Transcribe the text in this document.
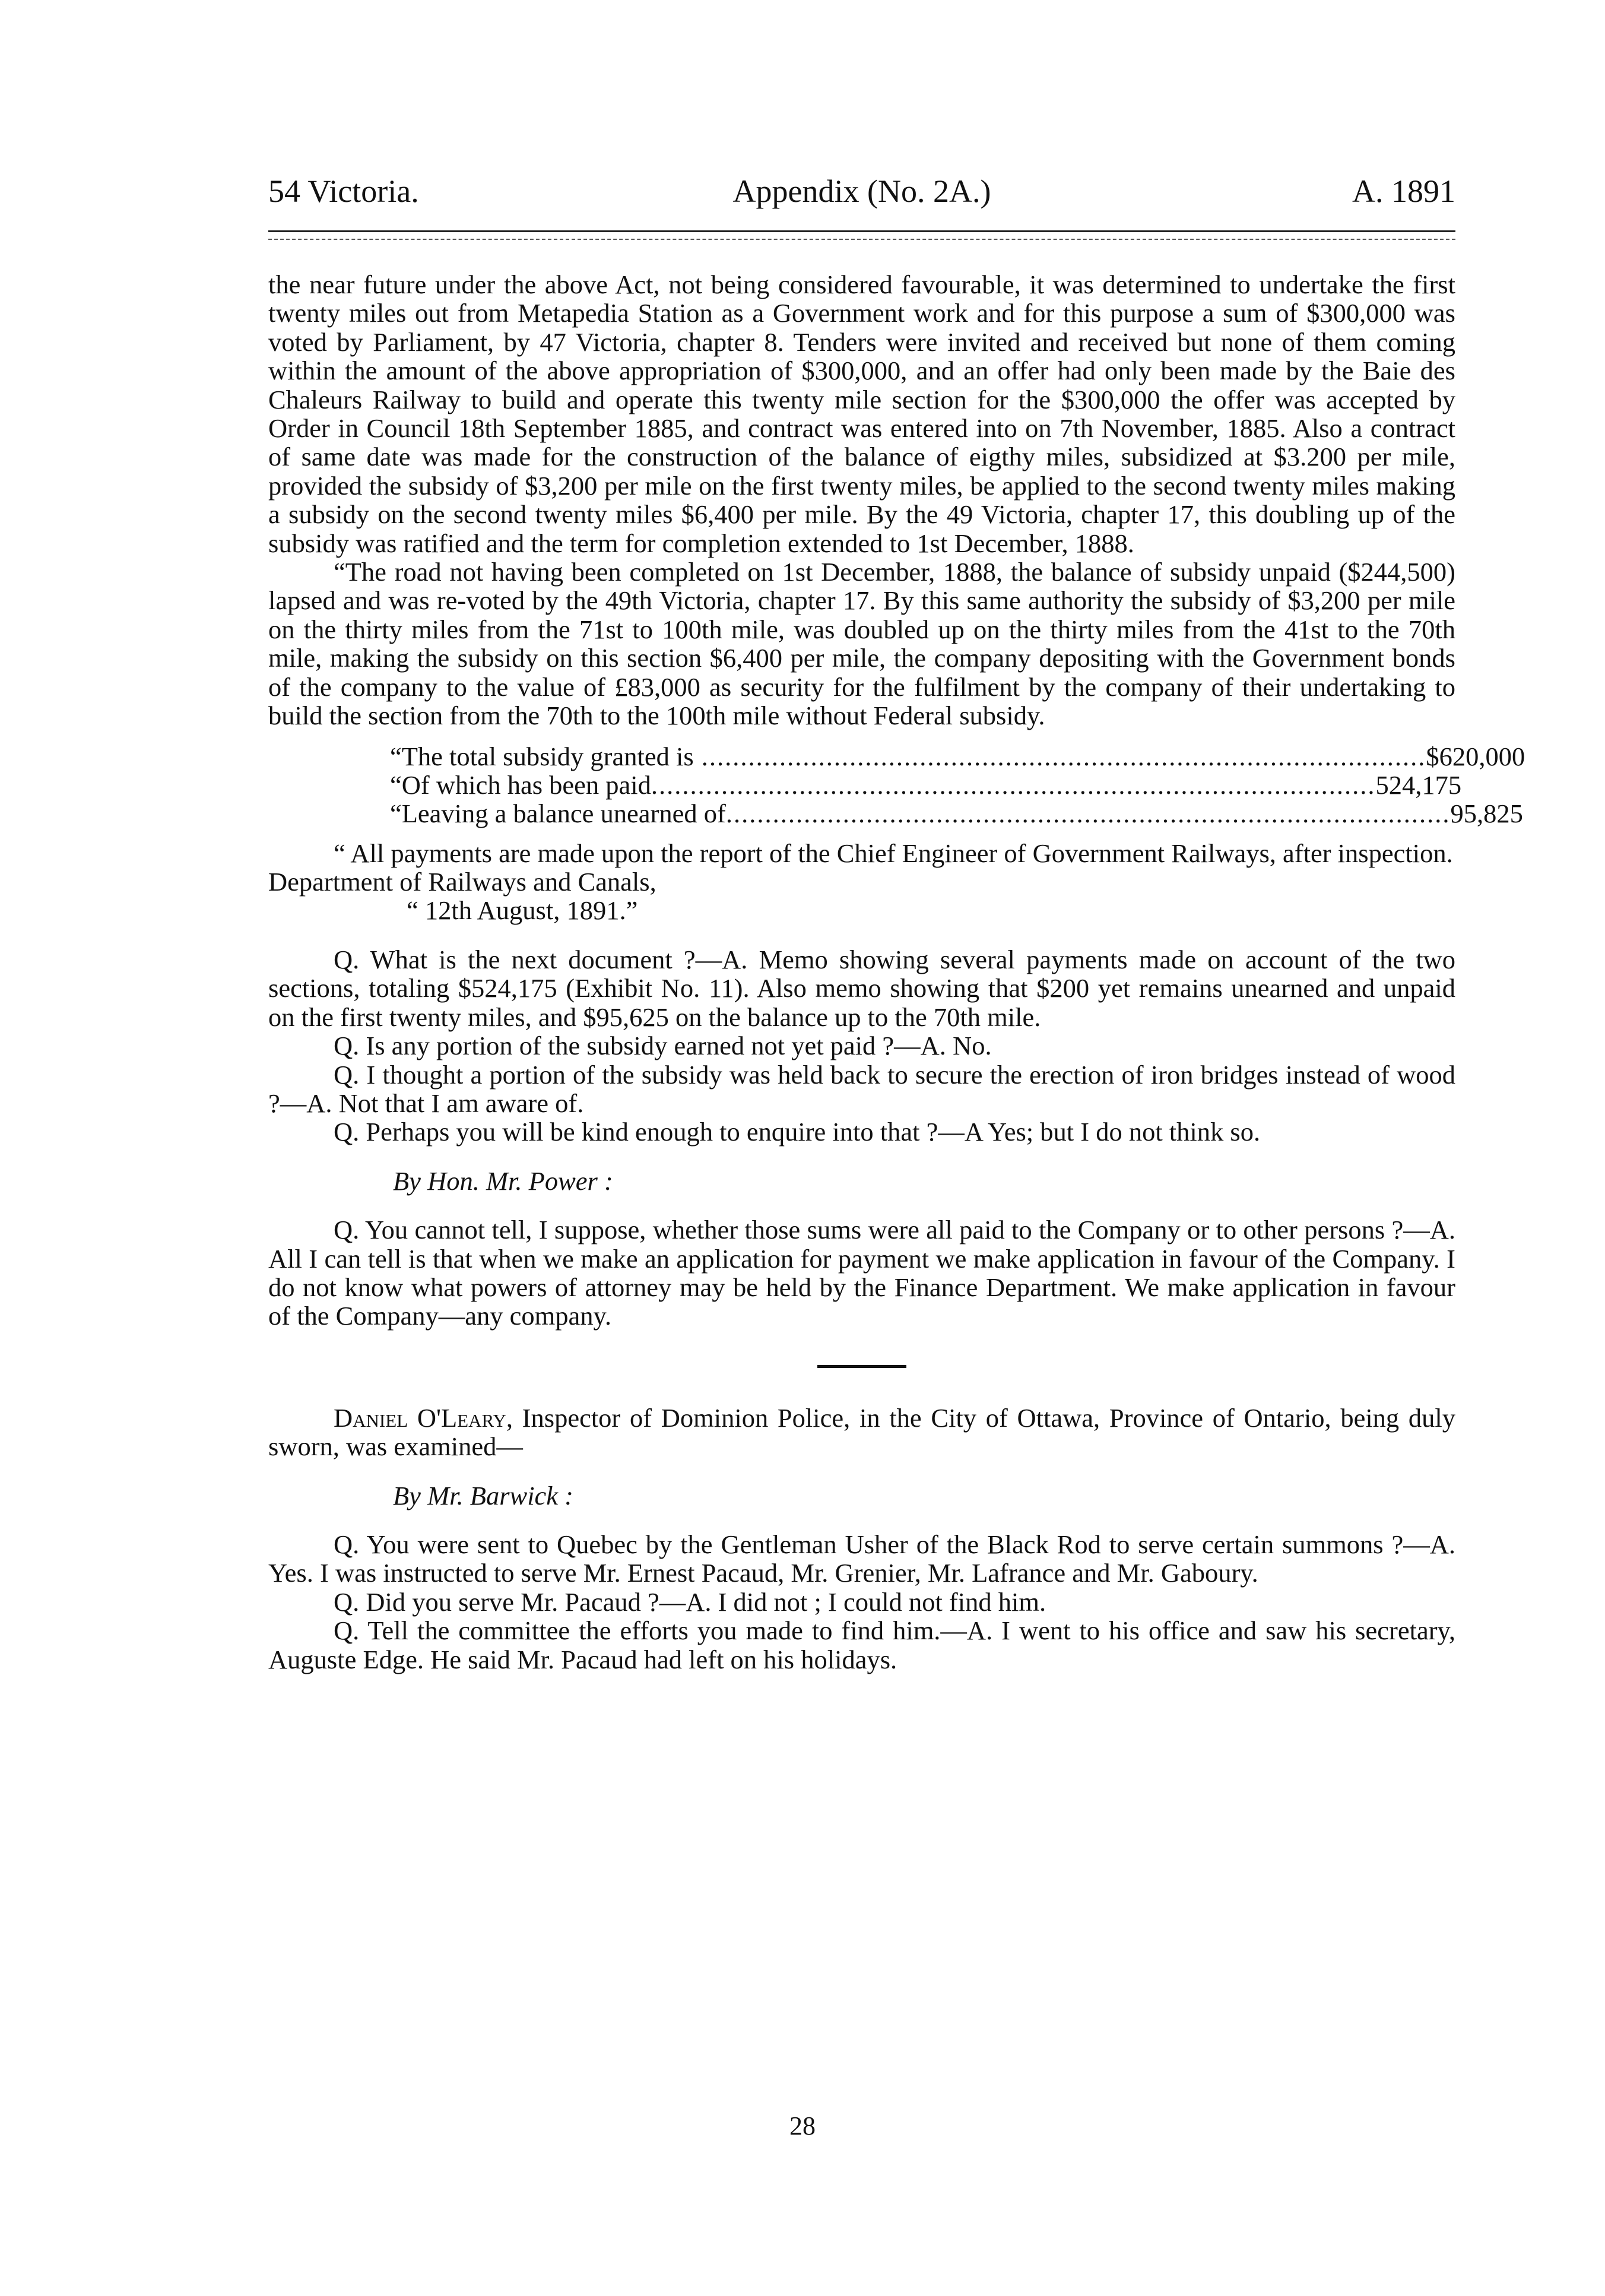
54 Victoria.	Appendix (No. 2A.)	A. 1891

the near future under the above Act, not being considered favourable, it was determined to undertake the first twenty miles out from Metapedia Station as a Government work and for this purpose a sum of $300,000 was voted by Parliament, by 47 Victoria, chapter 8. Tenders were invited and received but none of them coming within the amount of the above appropriation of $300,000, and an offer had only been made by the Baie des Chaleurs Railway to build and operate this twenty mile section for the $300,000 the offer was accepted by Order in Council 18th September 1885, and contract was entered into on 7th November, 1885. Also a contract of same date was made for the construction of the balance of eigthy miles, subsidized at $3.200 per mile, provided the subsidy of $3,200 per mile on the first twenty miles, be applied to the second twenty miles making a subsidy on the second twenty miles $6,400 per mile. By the 49 Victoria, chapter 17, this doubling up of the subsidy was ratified and the term for completion extended to 1st December, 1888.

“The road not having been completed on 1st December, 1888, the balance of subsidy unpaid ($244,500) lapsed and was re-voted by the 49th Victoria, chapter 17. By this same authority the subsidy of $3,200 per mile on the thirty miles from the 71st to 100th mile, was doubled up on the thirty miles from the 41st to the 70th mile, making the subsidy on this section $6,400 per mile, the company depositing with the Government bonds of the company to the value of £83,000 as security for the fulfilment by the company of their undertaking to build the section from the 70th to the 100th mile without Federal subsidy.

“The total subsidy granted is ............................................................................................. $620,000
“Of which has been paid............................................................................................. 524,175
“Leaving a balance unearned of............................................................................................. 95,825

“ All payments are made upon the report of the Chief Engineer of Government Railways, after inspection.

Department of Railways and Canals,

“ 12th August, 1891.”

Q. What is the next document ?—A. Memo showing several payments made on account of the two sections, totaling $524,175 (Exhibit No. 11). Also memo showing that $200 yet remains unearned and unpaid on the first twenty miles, and $95,625 on the balance up to the 70th mile.

Q. Is any portion of the subsidy earned not yet paid ?—A. No.

Q. I thought a portion of the subsidy was held back to secure the erection of iron bridges instead of wood ?—A. Not that I am aware of.

Q. Perhaps you will be kind enough to enquire into that ?—A Yes; but I do not think so.

By Hon. Mr. Power :

Q. You cannot tell, I suppose, whether those sums were all paid to the Company or to other persons ?—A. All I can tell is that when we make an application for payment we make application in favour of the Company. I do not know what powers of attorney may be held by the Finance Department. We make application in favour of the Company—any company.

Daniel O'Leary, Inspector of Dominion Police, in the City of Ottawa, Province of Ontario, being duly sworn, was examined—

By Mr. Barwick :

Q. You were sent to Quebec by the Gentleman Usher of the Black Rod to serve certain summons ?—A. Yes. I was instructed to serve Mr. Ernest Pacaud, Mr. Grenier, Mr. Lafrance and Mr. Gaboury.

Q. Did you serve Mr. Pacaud ?—A. I did not ; I could not find him.

Q. Tell the committee the efforts you made to find him.—A. I went to his office and saw his secretary, Auguste Edge. He said Mr. Pacaud had left on his holidays.

28
